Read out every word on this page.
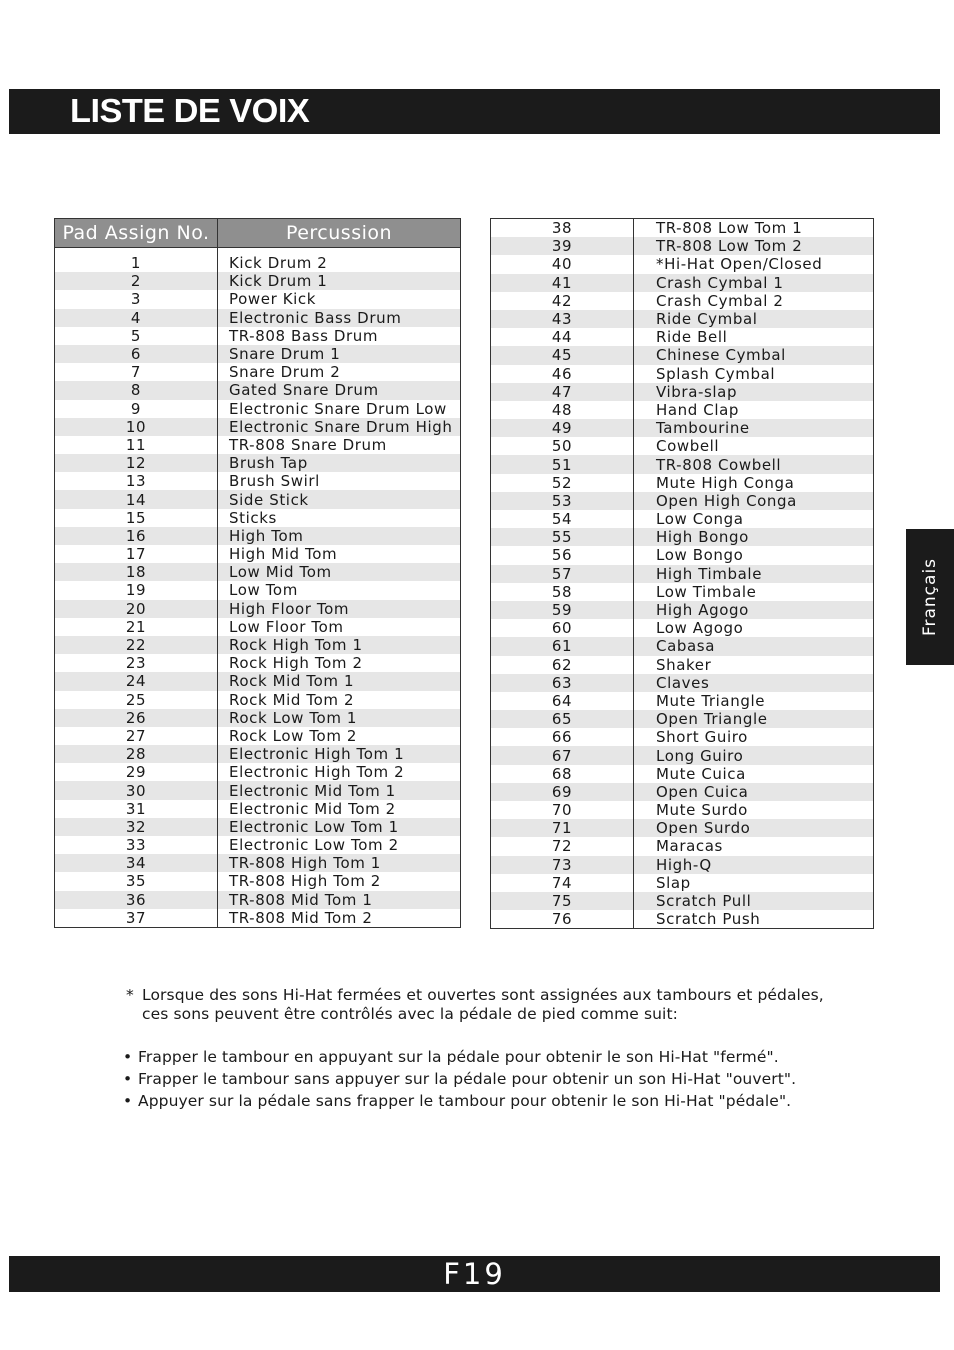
LISTE DE VOIX
Pad Assign No.	Percussion

1	Kick Drum 2
2	Kick Drum 1
3	Power Kick
4	Electronic Bass Drum
5	TR-808 Bass Drum
6	Snare Drum 1
7	Snare Drum 2
8	Gated Snare Drum
9	Electronic Snare Drum Low
10	Electronic Snare Drum High
11	TR-808 Snare Drum
12	Brush Tap
13	Brush Swirl
14	Side Stick
15	Sticks
16	High Tom
17	High Mid Tom
18	Low Mid Tom
19	Low Tom
20	High Floor Tom
21	Low Floor Tom
22	Rock High Tom 1
23	Rock High Tom 2
24	Rock Mid Tom 1
25	Rock Mid Tom 2
26	Rock Low Tom 1
27	Rock Low Tom 2
28	Electronic High Tom 1
29	Electronic High Tom 2
30	Electronic Mid Tom 1
31	Electronic Mid Tom 2
32	Electronic Low Tom 1
33	Electronic Low Tom 2
34	TR-808 High Tom 1
35	TR-808 High Tom 2
36	TR-808 Mid Tom 1
37	TR-808 Mid Tom 2
38	TR-808 Low Tom 1
39	TR-808 Low Tom 2
40	*Hi-Hat Open/Closed
41	Crash Cymbal 1
42	Crash Cymbal 2
43	Ride Cymbal
44	Ride Bell
45	Chinese Cymbal
46	Splash Cymbal
47	Vibra-slap
48	Hand Clap
49	Tambourine
50	Cowbell
51	TR-808 Cowbell
52	Mute High Conga
53	Open High Conga
54	Low Conga
55	High Bongo
56	Low Bongo
57	High Timbale
58	Low Timbale
59	High Agogo
60	Low Agogo
61	Cabasa
62	Shaker
63	Claves
64	Mute Triangle
65	Open Triangle
66	Short Guiro
67	Long Guiro
68	Mute Cuica
69	Open Cuica
70	Mute Surdo
71	Open Surdo
72	Maracas
73	High-Q
74	Slap
75	Scratch Pull
76	Scratch Push
Français
* Lorsque des sons Hi-Hat fermées et ouvertes sont assignées aux tambours et pédales,
ces sons peuvent être contrôlés avec la pédale de pied comme suit:
• Frapper le tambour en appuyant sur la pédale pour obtenir le son Hi-Hat "fermé".
• Frapper le tambour sans appuyer sur la pédale pour obtenir un son Hi-Hat "ouvert".
• Appuyer sur la pédale sans frapper le tambour pour obtenir le son Hi-Hat "pédale".
F19
